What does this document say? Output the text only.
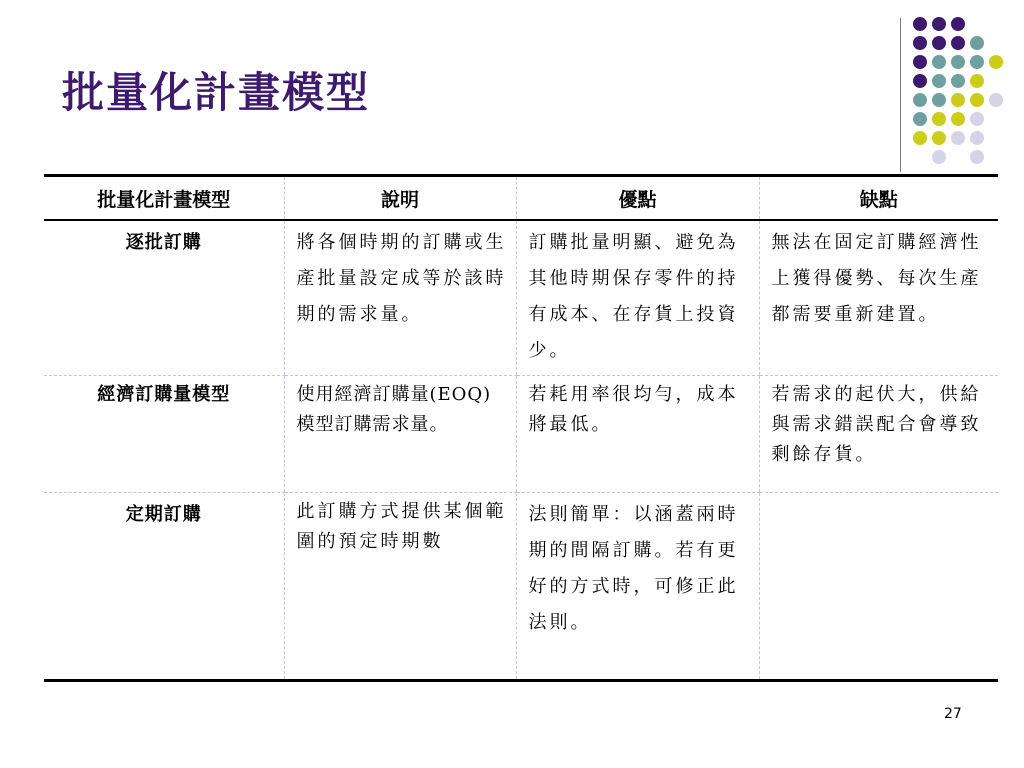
批量化計畫模型
批量化計畫模型	說明	優點	缺點
逐批訂購	將各個時期的訂購或生產批量設定成等於該時期的需求量。	訂購批量明顯、避免為其他時期保存零件的持有成本、在存貨上投資少。	無法在固定訂購經濟性上獲得優勢、每次生產都需要重新建置。
經濟訂購量模型	使用經濟訂購量(EOQ)模型訂購需求量。	若耗用率很均勻，成本將最低。	若需求的起伏大，供給與需求錯誤配合會導致剩餘存貨。
定期訂購	此訂購方式提供某個範圍的預定時期數	法則簡單：以涵蓋兩時期的間隔訂購。若有更好的方式時，可修正此法則。	
27
